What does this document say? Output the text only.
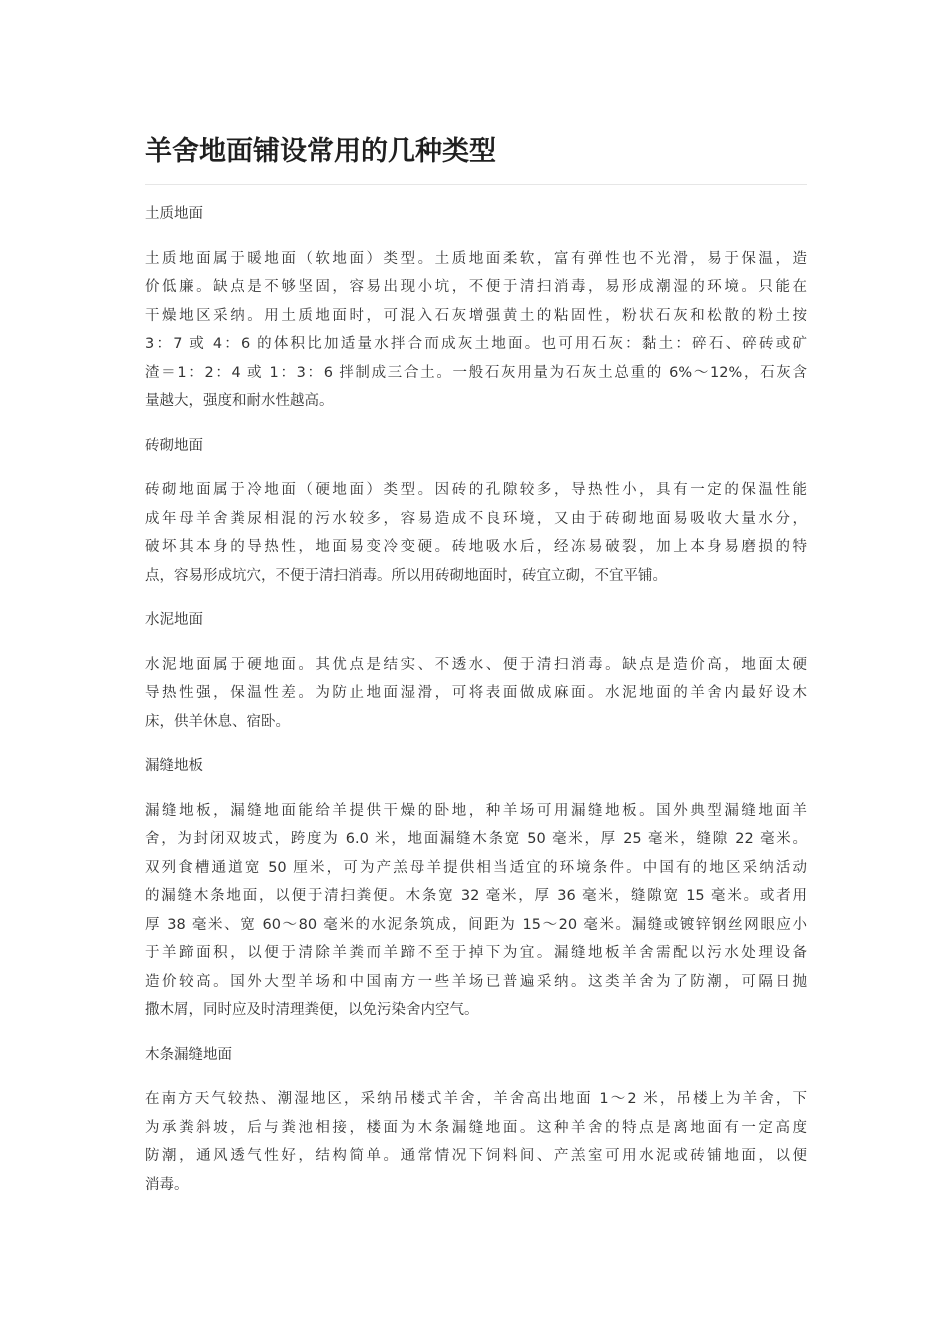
羊舍地面铺设常用的几种类型

土质地面

土质地面属于暖地面（软地面）类型。土质地面柔软，富有弹性也不光滑，易于保温，造
价低廉。缺点是不够坚固，容易出现小坑，不便于清扫消毒，易形成潮湿的环境。只能在
干燥地区采纳。用土质地面时，可混入石灰增强黄土的粘固性，粉状石灰和松散的粉土按
3：7 或 4：6 的体积比加适量水拌合而成灰土地面。也可用石灰：黏土：碎石、碎砖或矿
渣＝1：2：4 或 1：3：6 拌制成三合土。一般石灰用量为石灰土总重的 6%～12%，石灰含
量越大，强度和耐水性越高。

砖砌地面

砖砌地面属于冷地面（硬地面）类型。因砖的孔隙较多，导热性小，具有一定的保温性能
成年母羊舍粪尿相混的污水较多，容易造成不良环境，又由于砖砌地面易吸收大量水分，
破坏其本身的导热性，地面易变冷变硬。砖地吸水后，经冻易破裂，加上本身易磨损的特
点，容易形成坑穴，不便于清扫消毒。所以用砖砌地面时，砖宜立砌，不宜平铺。

水泥地面

水泥地面属于硬地面。其优点是结实、不透水、便于清扫消毒。缺点是造价高，地面太硬
导热性强，保温性差。为防止地面湿滑，可将表面做成麻面。水泥地面的羊舍内最好设木
床，供羊休息、宿卧。

漏缝地板

漏缝地板，漏缝地面能给羊提供干燥的卧地，种羊场可用漏缝地板。国外典型漏缝地面羊
舍，为封闭双坡式，跨度为 6.0 米，地面漏缝木条宽 50 毫米，厚 25 毫米，缝隙 22 毫米。
双列食槽通道宽 50 厘米，可为产羔母羊提供相当适宜的环境条件。中国有的地区采纳活动
的漏缝木条地面，以便于清扫粪便。木条宽 32 毫米，厚 36 毫米，缝隙宽 15 毫米。或者用
厚 38 毫米、宽 60～80 毫米的水泥条筑成，间距为 15～20 毫米。漏缝或镀锌钢丝网眼应小
于羊蹄面积，以便于清除羊粪而羊蹄不至于掉下为宜。漏缝地板羊舍需配以污水处理设备
造价较高。国外大型羊场和中国南方一些羊场已普遍采纳。这类羊舍为了防潮，可隔日抛
撒木屑，同时应及时清理粪便，以免污染舍内空气。

木条漏缝地面

在南方天气较热、潮湿地区，采纳吊楼式羊舍，羊舍高出地面 1～2 米，吊楼上为羊舍，下
为承粪斜坡，后与粪池相接，楼面为木条漏缝地面。这种羊舍的特点是离地面有一定高度
防潮，通风透气性好，结构简单。通常情况下饲料间、产羔室可用水泥或砖铺地面，以便
消毒。
